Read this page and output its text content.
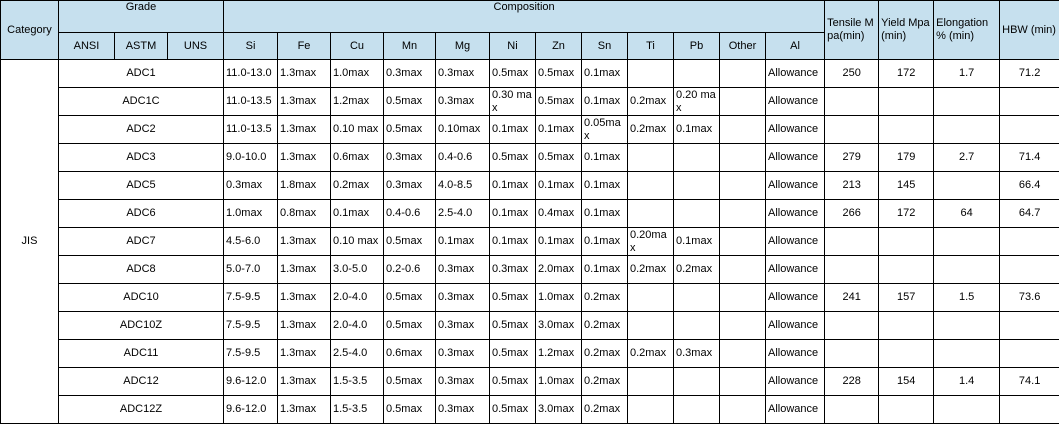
Category	Grade			Composition												Tensile Mpa(min)	Yield Mpa (min)	Elongation % (min)	HBW (min)
	ANSI	ASTM	UNS	Si	Fe	Cu	Mn	Mg	Ni	Zn	Sn	Ti	Pb	Other	Al				
JIS	ADC1			11.0-13.0	1.3max	1.0max	0.3max	0.3max	0.5max	0.5max	0.1max				Allowance	250	172	1.7	71.2
	ADC1C			11.0-13.5	1.3max	1.2max	0.5max	0.3max	0.30 max	0.5max	0.1max	0.2max	0.20 max		Allowance				
	ADC2			11.0-13.5	1.3max	0.10 max	0.5max	0.10max	0.1max	0.1max	0.05max	0.2max	0.1max		Allowance				
	ADC3			9.0-10.0	1.3max	0.6max	0.3max	0.4-0.6	0.5max	0.5max	0.1max				Allowance	279	179	2.7	71.4
	ADC5			0.3max	1.8max	0.2max	0.3max	4.0-8.5	0.1max	0.1max	0.1max				Allowance	213	145		66.4
	ADC6			1.0max	0.8max	0.1max	0.4-0.6	2.5-4.0	0.1max	0.4max	0.1max				Allowance	266	172	64	64.7
	ADC7			4.5-6.0	1.3max	0.10 max	0.5max	0.1max	0.1max	0.1max	0.1max	0.20max	0.1max		Allowance				
	ADC8			5.0-7.0	1.3max	3.0-5.0	0.2-0.6	0.3max	0.3max	2.0max	0.1max	0.2max	0.2max		Allowance				
	ADC10			7.5-9.5	1.3max	2.0-4.0	0.5max	0.3max	0.5max	1.0max	0.2max				Allowance	241	157	1.5	73.6
	ADC10Z			7.5-9.5	1.3max	2.0-4.0	0.5max	0.3max	0.5max	3.0max	0.2max				Allowance				
	ADC11			7.5-9.5	1.3max	2.5-4.0	0.6max	0.3max	0.5max	1.2max	0.2max	0.2max	0.3max		Allowance				
	ADC12			9.6-12.0	1.3max	1.5-3.5	0.5max	0.3max	0.5max	1.0max	0.2max				Allowance	228	154	1.4	74.1
	ADC12Z			9.6-12.0	1.3max	1.5-3.5	0.5max	0.3max	0.5max	3.0max	0.2max				Allowance				
